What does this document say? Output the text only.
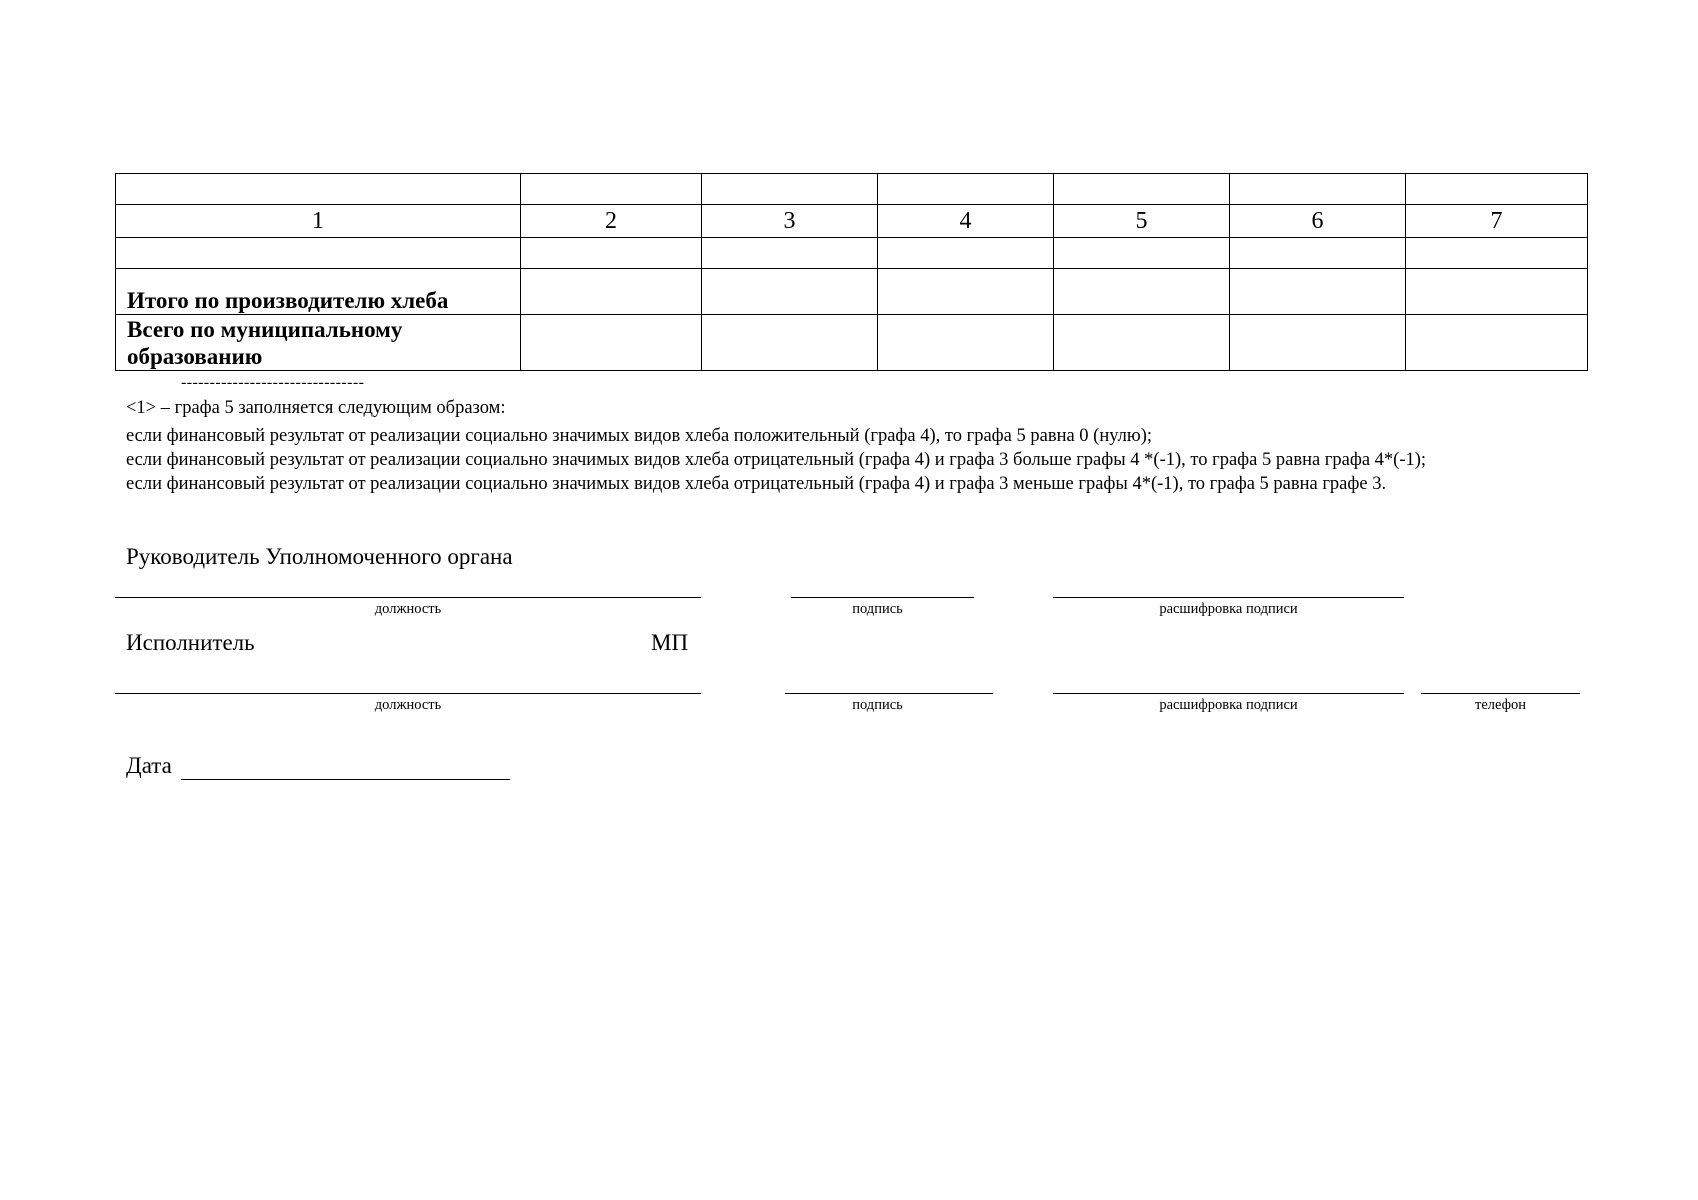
1	2	3	4	5	6	7

Итого по производителю хлеба						
Всего по муниципальному образованию						
--------------------------------
<1> – графа 5 заполняется следующим образом:
если финансовый результат от реализации социально значимых видов хлеба положительный (графа 4), то графа 5 равна 0 (нулю);
если финансовый результат от реализации социально значимых видов хлеба отрицательный (графа 4) и графа 3 больше графы 4 *(-1), то графа 5 равна графа 4*(-1);
если финансовый результат от реализации социально значимых видов хлеба отрицательный (графа 4) и графа 3 меньше графы 4*(-1), то графа 5 равна графе 3.
Руководитель Уполномоченного органа
должность	подпись	расшифровка подписи
Исполнитель	МП
должность	подпись	расшифровка подписи	телефон
Дата
